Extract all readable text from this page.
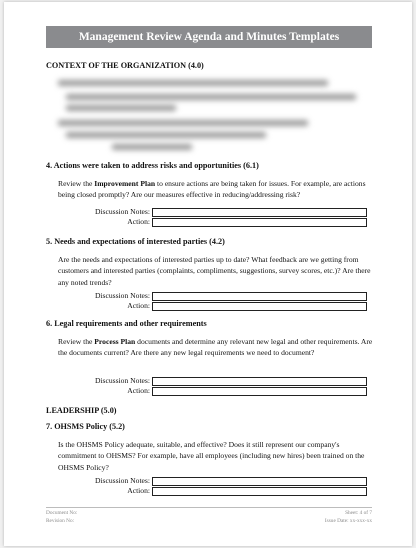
Management Review Agenda and Minutes Templates
CONTEXT OF THE ORGANIZATION (4.0)
4. Actions were taken to address risks and opportunities (6.1)
Review the Improvement Plan to ensure actions are being taken for issues. For example, are actions being closed promptly? Are our measures effective in reducing/addressing risk?
Discussion Notes:
Action:
5. Needs and expectations of interested parties (4.2)
Are the needs and expectations of interested parties up to date? What feedback are we getting from customers and interested parties (complaints, compliments, suggestions, survey scores, etc.)? Are there any noted trends?
Discussion Notes:
Action:
6. Legal requirements and other requirements
Review the Process Plan documents and determine any relevant new legal and other requirements. Are the documents current? Are there any new legal requirements we need to document?
Discussion Notes:
Action:
LEADERSHIP (5.0)
7. OHSMS Policy (5.2)
Is the OHSMS Policy adequate, suitable, and effective? Does it still represent our company's commitment to OHSMS? For example, have all employees (including new hires) been trained on the OHSMS Policy?
Discussion Notes:
Action:
Document No:
Revision No:
Sheet: 4 of 7
Issue Date: xx-xxx-xx
